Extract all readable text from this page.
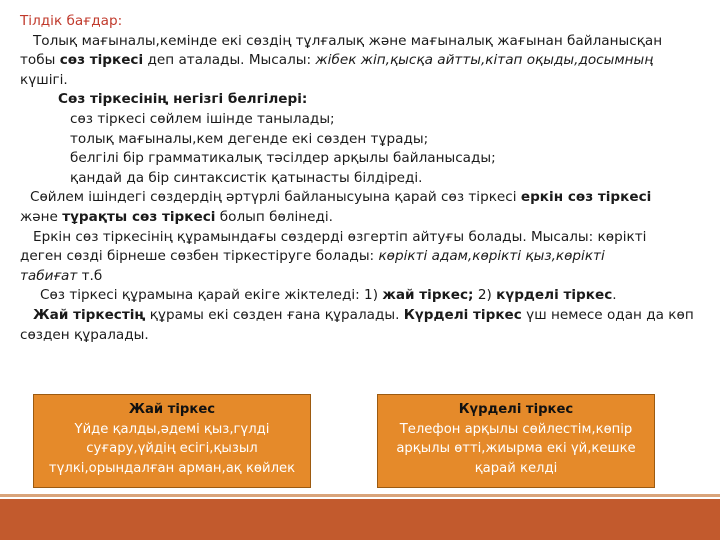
Тілдік бағдар:

Толық мағыналы,кемінде екі сөздің тұлғалық және мағыналық жағынан байланысқан

тобы сөз тіркесі деп аталады. Мысалы: жібек жіп,қысқа айтты,кітап оқыды,досымның

күшігі.

Сөз тіркесінің негізгі белгілері:

сөз тіркесі сөйлем ішінде танылады;

толық мағыналы,кем дегенде екі сөзден тұрады;

белгілі бір грамматикалық тәсілдер арқылы байланысады;

қандай да бір синтаксистік қатынасты білдіреді.

Сөйлем ішіндегі сөздердің әртүрлі байланысуына қарай сөз тіркесі еркін сөз тіркесі

және тұрақты сөз тіркесі болып бөлінеді.

Еркін сөз тіркесінің құрамындағы сөздерді өзгертіп айтуғы болады. Мысалы: көрікті

деген сөзді бірнеше сөзбен тіркестіруге болады: көрікті адам,көрікті қыз,көрікті

табиғат т.б

Сөз тіркесі құрамына қарай екіге жіктеледі: 1) жай тіркес; 2) күрделі тіркес.

Жай тіркестің құрамы екі сөзден ғана құралады. Күрделі тіркес үш немесе одан да көп

сөзден құралады.

Жай тіркес
Үйде қалды,әдемі қыз,гүлді
суғару,үйдің есігі,қызыл
түлкі,орындалған арман,ақ көйлек
Күрделі тіркес
Телефон арқылы сөйлестім,көпір
арқылы өтті,жиырма екі үй,кешке
қарай келді
